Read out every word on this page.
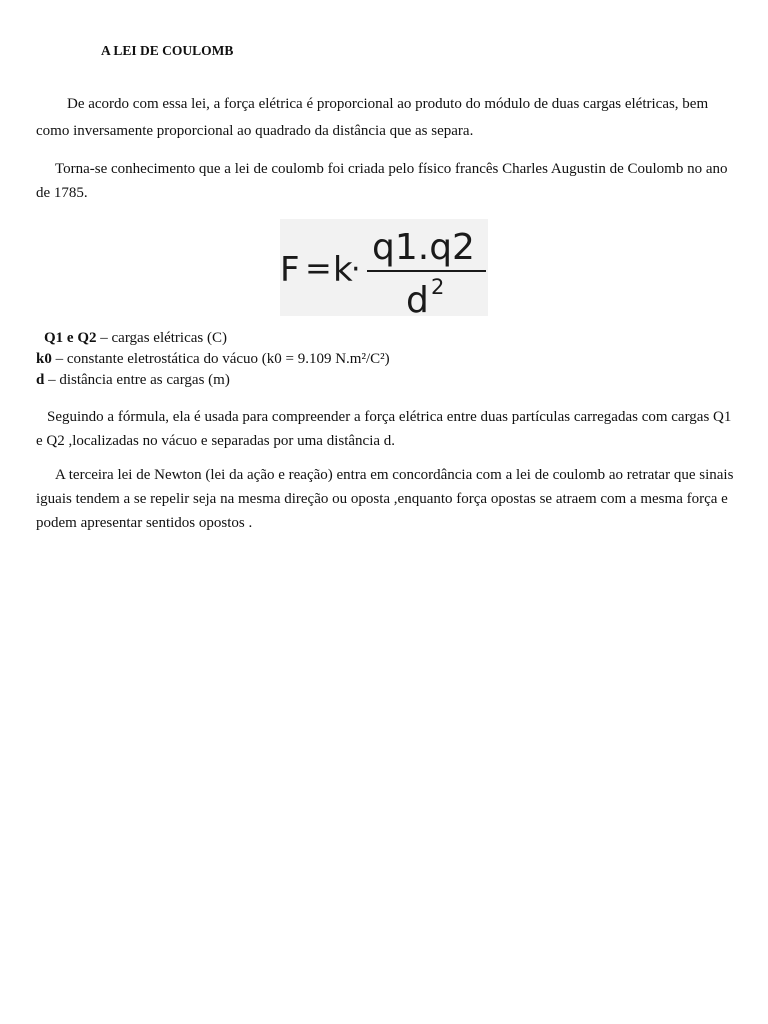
A LEI DE COULOMB

De acordo com essa lei, a força elétrica é proporcional ao produto do módulo de duas cargas elétricas, bem como inversamente proporcional ao quadrado da distância que as separa.

Torna-se conhecimento que a lei de coulomb foi criada pelo físico francês Charles Augustin de Coulomb no ano de 1785.

F = k
·
q1.q2
d 2

Q1 e Q2 – cargas elétricas (C)

k0 – constante eletrostática do vácuo (k0 = 9.109 N.m²/C²)

d – distância entre as cargas (m)

Seguindo a fórmula, ela é usada para compreender a força elétrica entre duas partículas carregadas com cargas Q1 e Q2 ,localizadas no vácuo e separadas por uma distância d.

A terceira lei de Newton (lei da ação e reação) entra em concordância com a lei de coulomb ao retratar que sinais iguais tendem a se repelir seja na mesma direção ou oposta ,enquanto força opostas se atraem com a mesma força e podem apresentar sentidos opostos .
